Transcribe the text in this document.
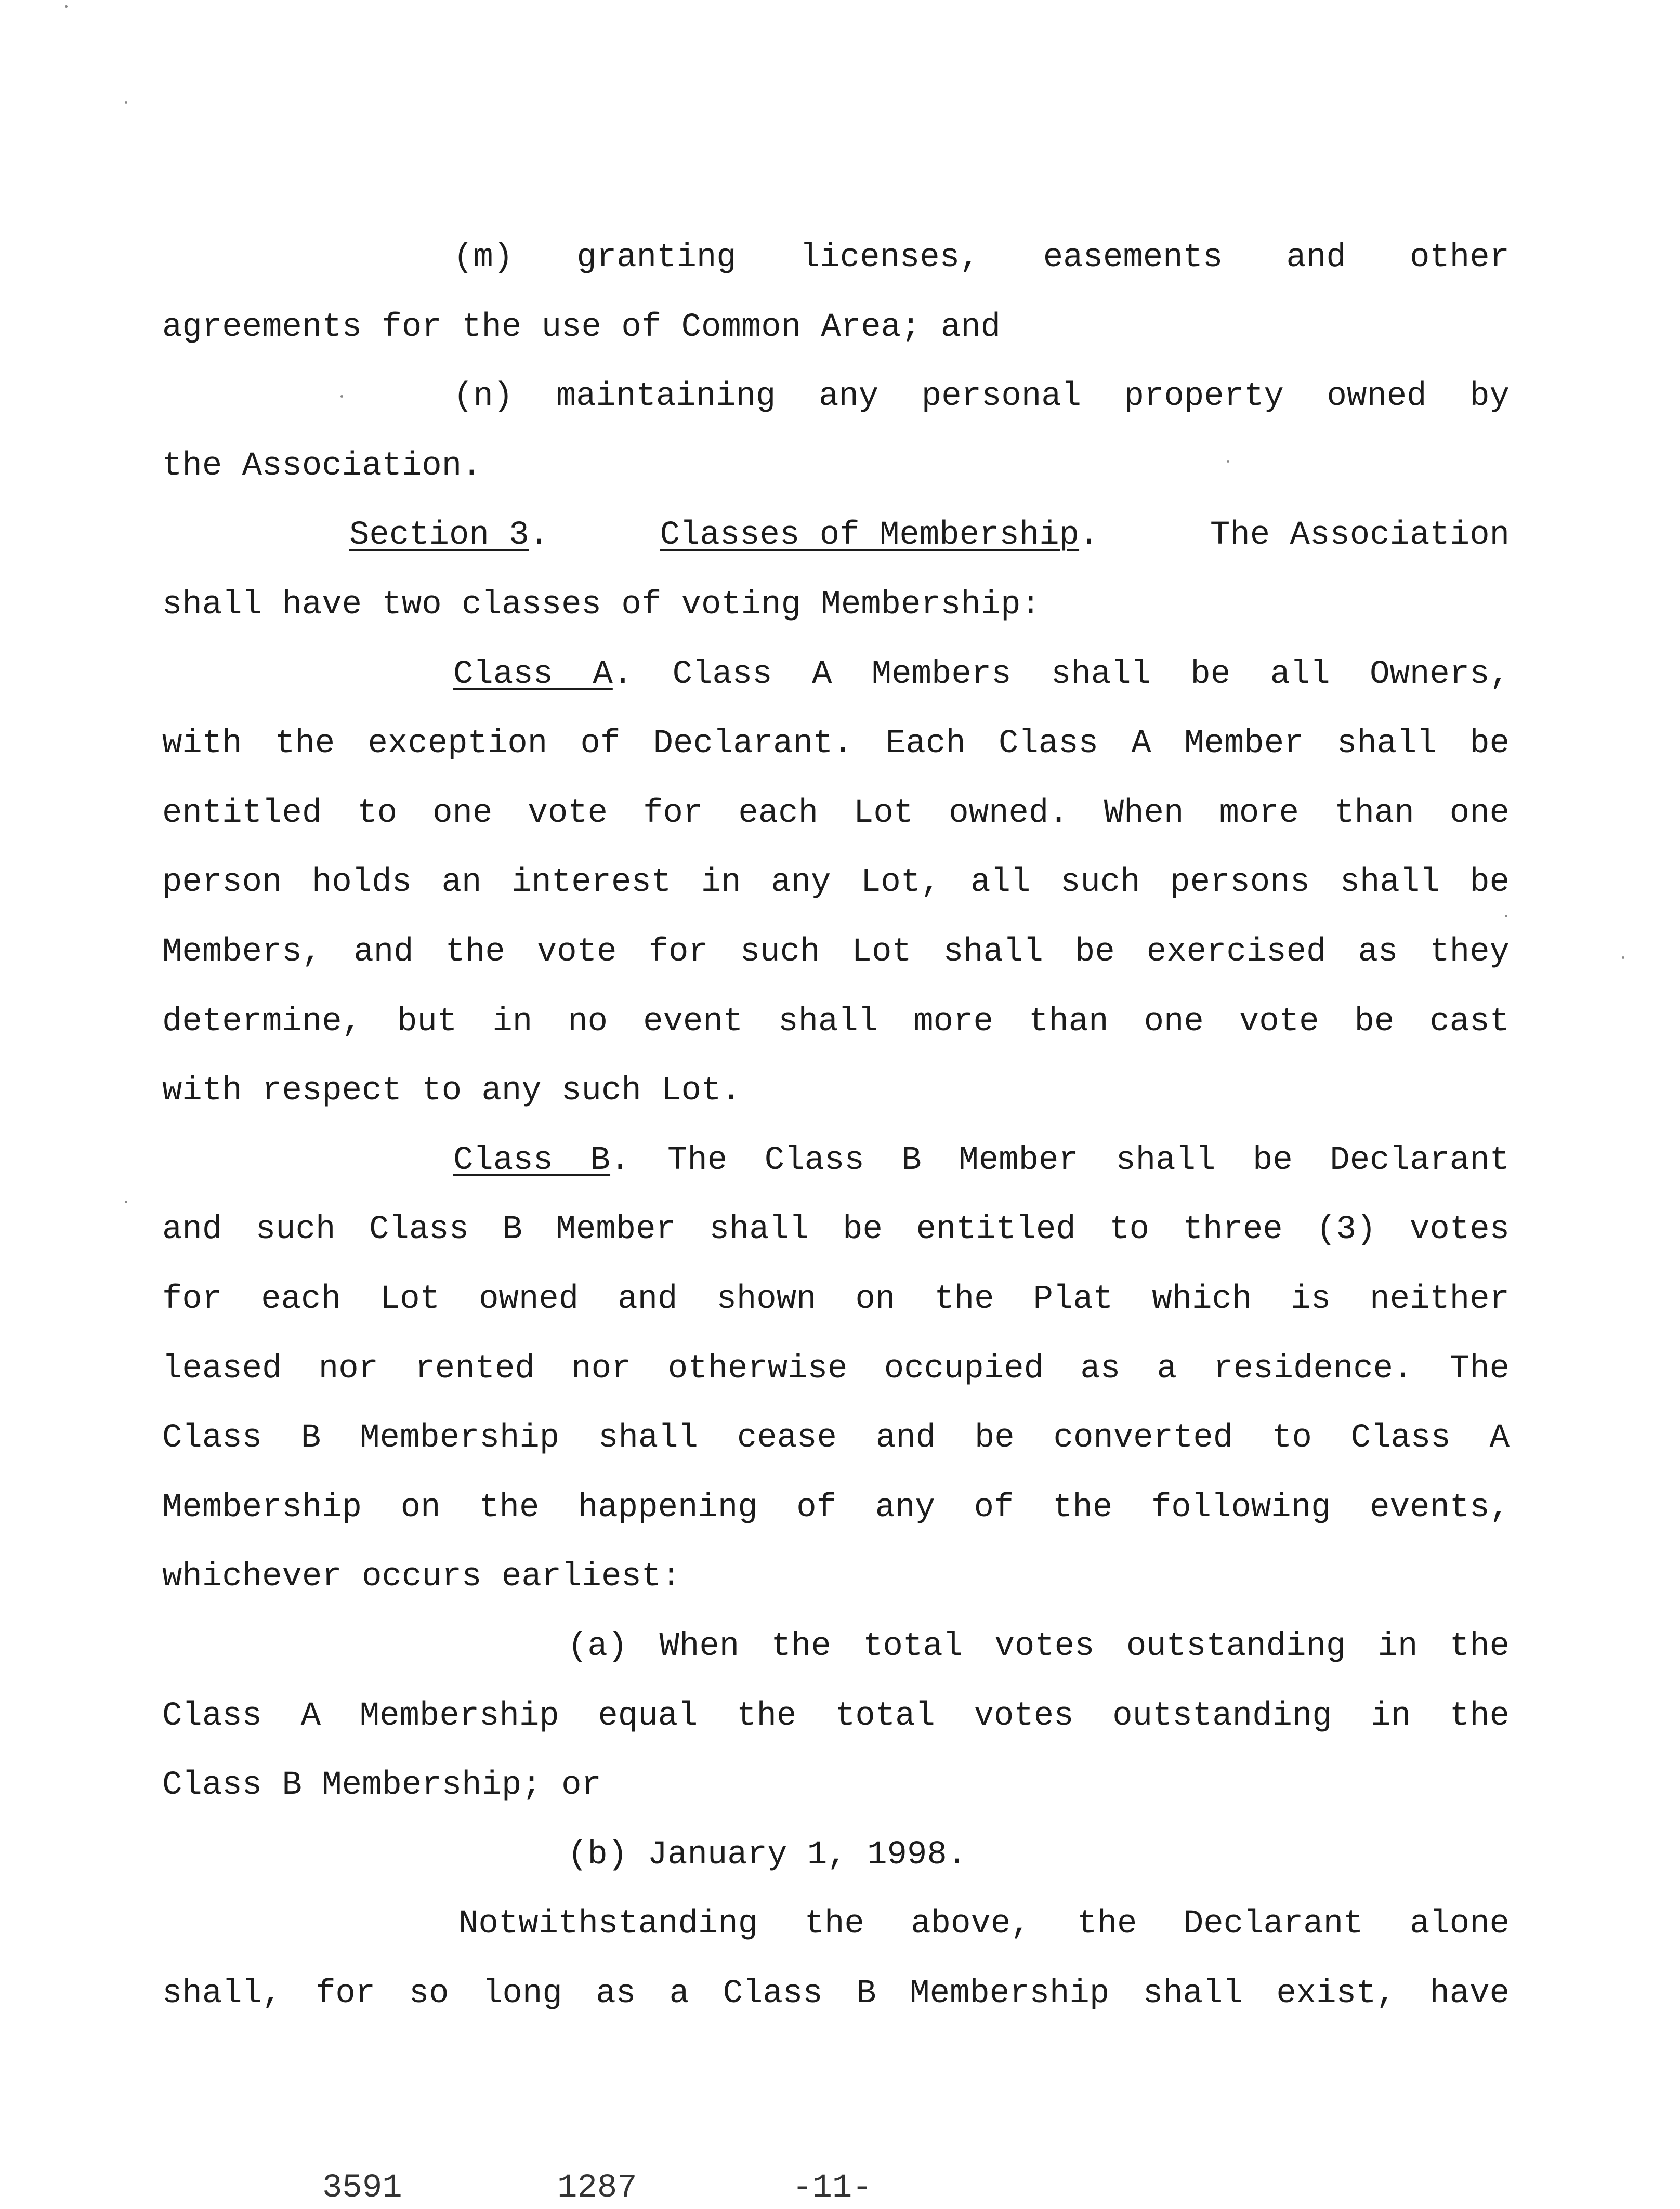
(m) granting licenses, easements and other
agreements for the use of Common Area; and
(n) maintaining any personal property owned by
the Association.
Section 3.	Classes of Membership.	The Association
shall have two classes of voting Membership:
Class A. Class A Members shall be all Owners,
with the exception of Declarant. Each Class A Member shall be
entitled to one vote for each Lot owned. When more than one
person holds an interest in any Lot, all such persons shall be
Members, and the vote for such Lot shall be exercised as they
determine, but in no event shall more than one vote be cast
with respect to any such Lot.
Class B. The Class B Member shall be Declarant
and such Class B Member shall be entitled to three (3) votes
for each Lot owned and shown on the Plat which is neither
leased nor rented nor otherwise occupied as a residence. The
Class B Membership shall cease and be converted to Class A
Membership on the happening of any of the following events,
whichever occurs earliest:
(a) When the total votes outstanding in the
Class A Membership equal the total votes outstanding in the
Class B Membership; or
(b) January 1, 1998.
Notwithstanding the above, the Declarant alone
shall, for so long as a Class B Membership shall exist, have
3591	1287	-11-
